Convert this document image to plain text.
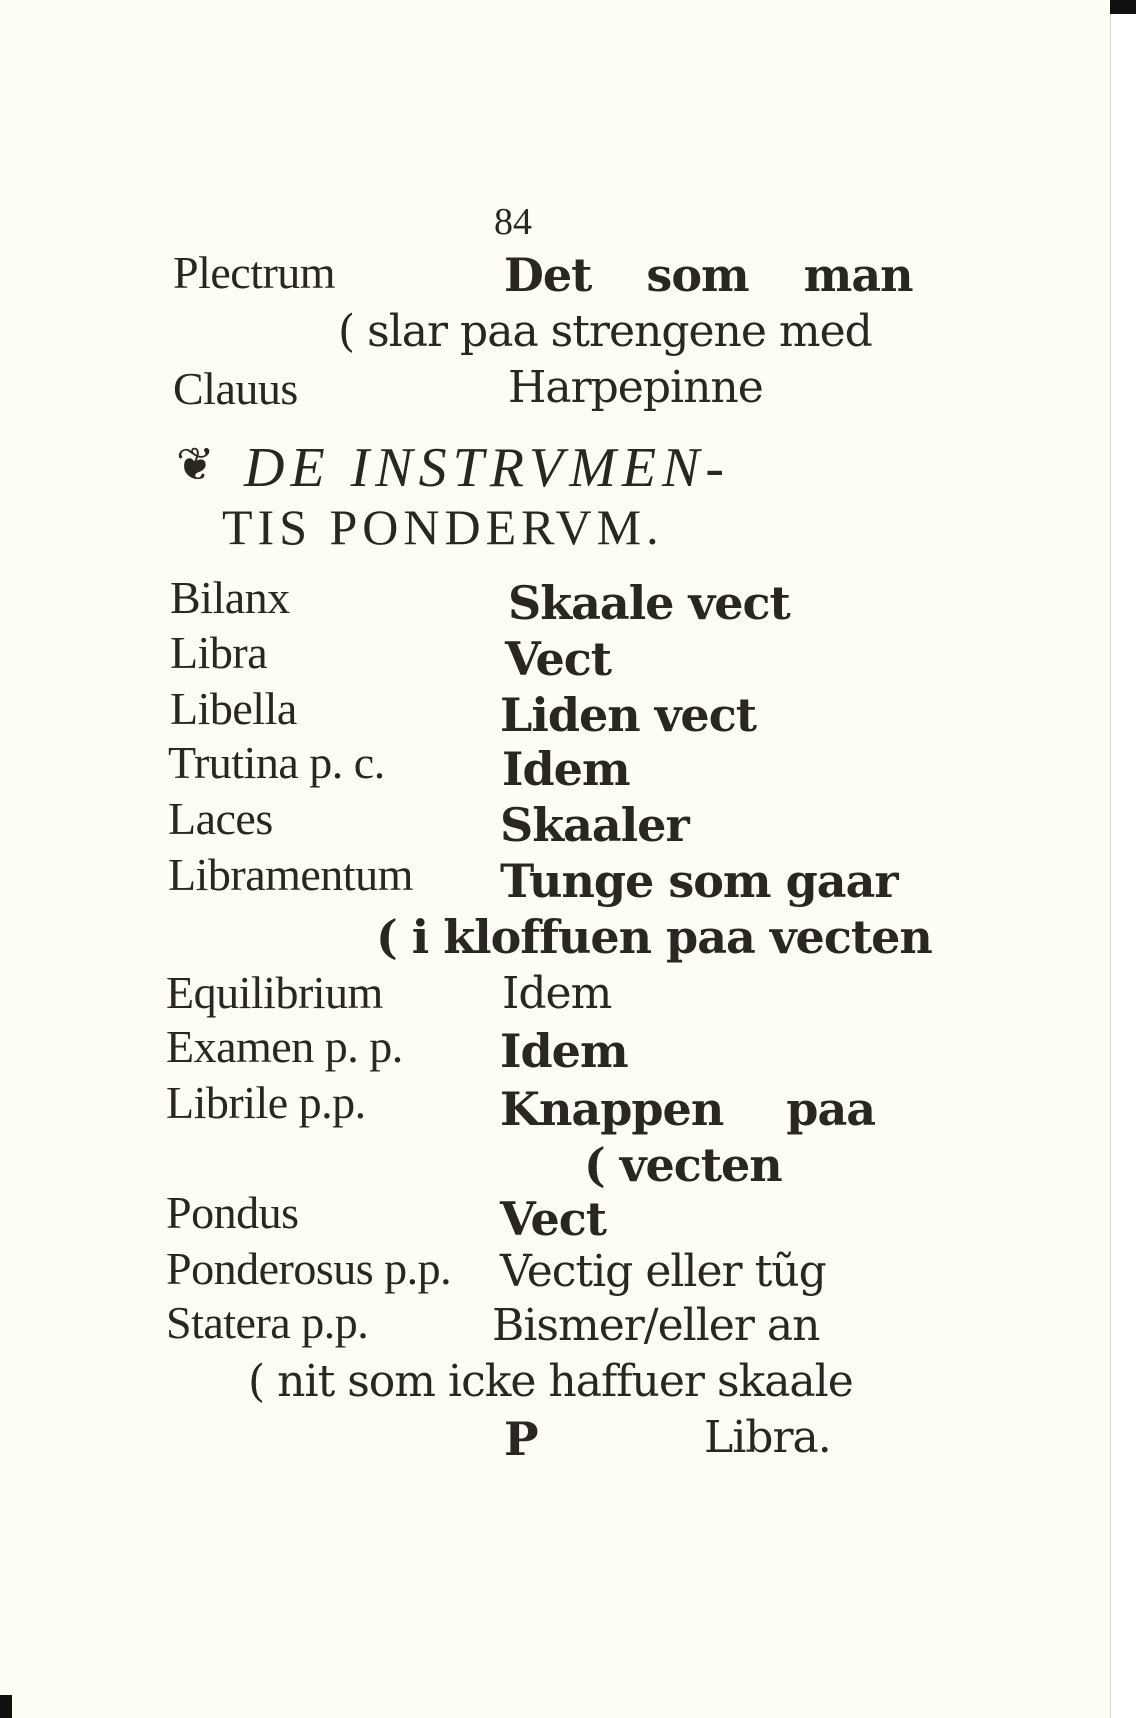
84
Plectrum	Det som man
( slar paa strengene med
Clauus	Harpepinne
❦ DE INSTRVMEN-
TIS PONDERVM.
Bilanx	Skaale vect
Libra	Vect
Libella	Liden vect
Trutina p. c.	Idem
Laces	Skaaler
Libramentum Tunge som gaar
( i kloffuen paa vecten
Equilibrium	Idem
Examen p. p. Idem
Librile p.p.	Knappen paa
( vecten
Pondus	Vect
Ponderosus p.p. Vectig eller tũg
Statera p.p.	Bismer/eller an
( nit som icke haffuer skaale
P	Libra.
